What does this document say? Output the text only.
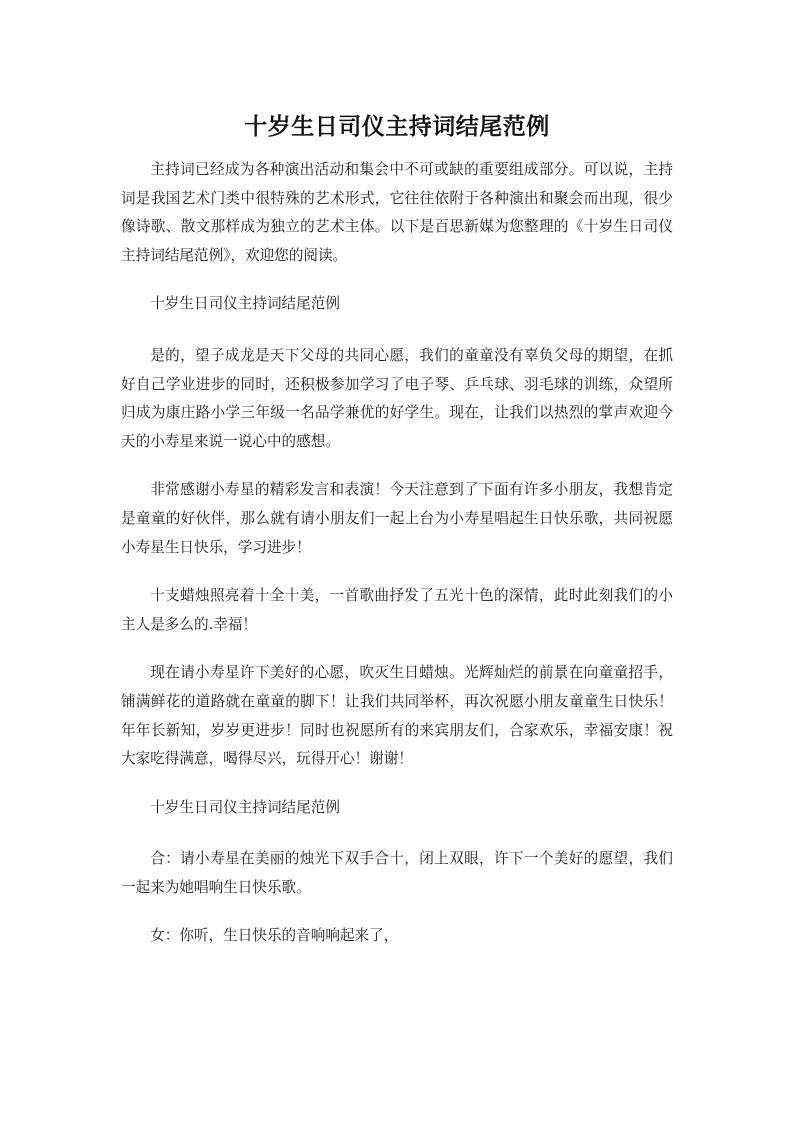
十岁生日司仪主持词结尾范例

主持词已经成为各种演出活动和集会中不可或缺的重要组成部分。可以说，主持词是我国艺术门类中很特殊的艺术形式，它往往依附于各种演出和聚会而出现，很少像诗歌、散文那样成为独立的艺术主体。以下是百思新媒为您整理的《十岁生日司仪主持词结尾范例》，欢迎您的阅读。

十岁生日司仪主持词结尾范例

是的，望子成龙是天下父母的共同心愿，我们的童童没有辜负父母的期望，在抓好自己学业进步的同时，还积极参加学习了电子琴、乒乓球、羽毛球的训练，众望所归成为康庄路小学三年级一名品学兼优的好学生。现在，让我们以热烈的掌声欢迎今天的小寿星来说一说心中的感想。

非常感谢小寿星的精彩发言和表演！今天注意到了下面有许多小朋友，我想肯定是童童的好伙伴，那么就有请小朋友们一起上台为小寿星唱起生日快乐歌，共同祝愿小寿星生日快乐，学习进步！

十支蜡烛照亮着十全十美，一首歌曲抒发了五光十色的深情，此时此刻我们的小主人是多么的.幸福！

现在请小寿星许下美好的心愿，吹灭生日蜡烛。光辉灿烂的前景在向童童招手，铺满鲜花的道路就在童童的脚下！让我们共同举杯，再次祝愿小朋友童童生日快乐！年年长新知，岁岁更进步！同时也祝愿所有的来宾朋友们，合家欢乐，幸福安康！祝大家吃得满意，喝得尽兴，玩得开心！谢谢！

十岁生日司仪主持词结尾范例

合：请小寿星在美丽的烛光下双手合十，闭上双眼，许下一个美好的愿望，我们一起来为她唱响生日快乐歌。

女：你听，生日快乐的音响响起来了，
